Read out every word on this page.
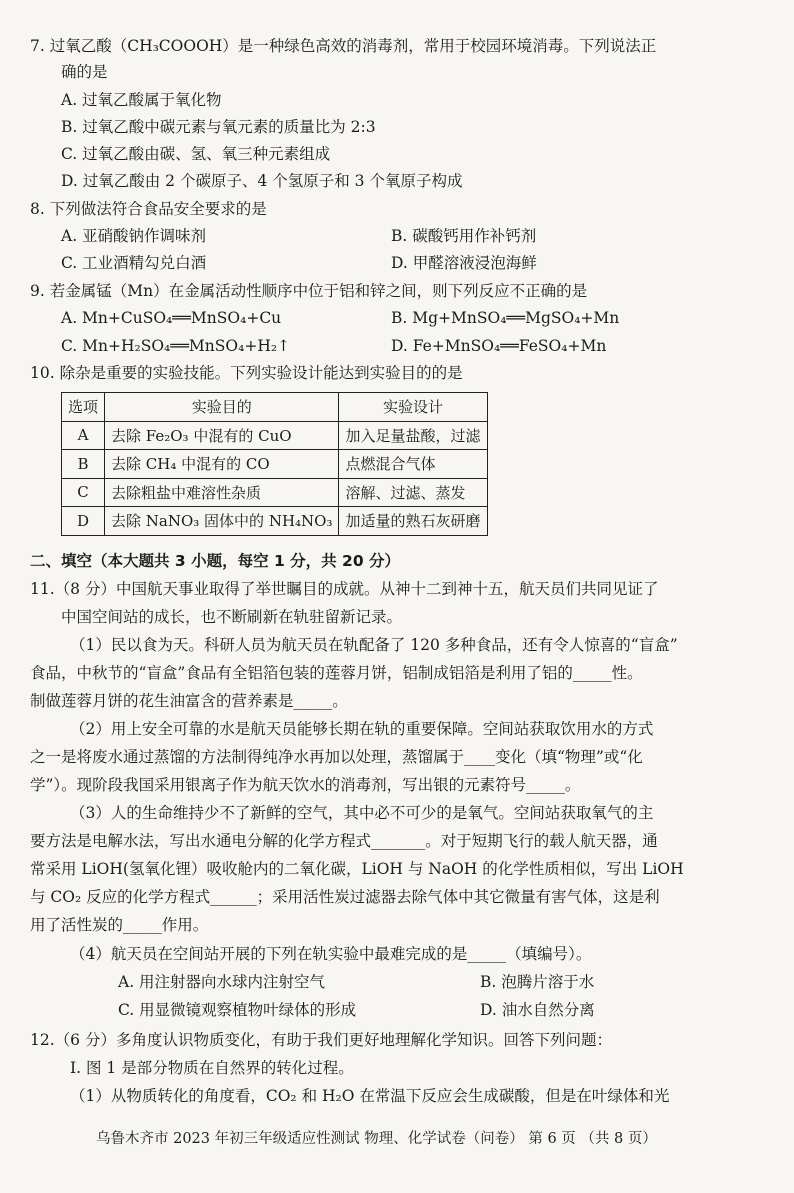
7. 过氧乙酸（CH₃COOOH）是一种绿色高效的消毒剂，常用于校园环境消毒。下列说法正
确的是
A. 过氧乙酸属于氧化物
B. 过氧乙酸中碳元素与氧元素的质量比为 2:3
C. 过氧乙酸由碳、氢、氧三种元素组成
D. 过氧乙酸由 2 个碳原子、4 个氢原子和 3 个氧原子构成
8. 下列做法符合食品安全要求的是
A. 亚硝酸钠作调味剂	B. 碳酸钙用作补钙剂
C. 工业酒精勾兑白酒	D. 甲醛溶液浸泡海鲜
9. 若金属锰（Mn）在金属活动性顺序中位于铝和锌之间，则下列反应不正确的是
A. Mn+CuSO₄══MnSO₄+Cu	B. Mg+MnSO₄══MgSO₄+Mn
C. Mn+H₂SO₄══MnSO₄+H₂↑	D. Fe+MnSO₄══FeSO₄+Mn
10. 除杂是重要的实验技能。下列实验设计能达到实验目的的是
选项	实验目的	实验设计
A	去除 Fe₂O₃ 中混有的 CuO	加入足量盐酸，过滤
B	去除 CH₄ 中混有的 CO	点燃混合气体
C	去除粗盐中难溶性杂质	溶解、过滤、蒸发
D	去除 NaNO₃ 固体中的 NH₄NO₃	加适量的熟石灰研磨
二、填空（本大题共 3 小题，每空 1 分，共 20 分）
11.（8 分）中国航天事业取得了举世瞩目的成就。从神十二到神十五，航天员们共同见证了
中国空间站的成长，也不断刷新在轨驻留新记录。
（1）民以食为天。科研人员为航天员在轨配备了 120 多种食品，还有令人惊喜的“盲盒”
食品，中秋节的“盲盒”食品有全铝箔包装的莲蓉月饼，铝制成铝箔是利用了铝的_____性。
制做莲蓉月饼的花生油富含的营养素是_____。
（2）用上安全可靠的水是航天员能够长期在轨的重要保障。空间站获取饮用水的方式
之一是将废水通过蒸馏的方法制得纯净水再加以处理，蒸馏属于____变化（填“物理”或“化
学”）。现阶段我国采用银离子作为航天饮水的消毒剂，写出银的元素符号_____。
（3）人的生命维持少不了新鲜的空气，其中必不可少的是氧气。空间站获取氧气的主
要方法是电解水法，写出水通电分解的化学方程式_______。对于短期飞行的载人航天器，通
常采用 LiOH(氢氧化锂）吸收舱内的二氧化碳，LiOH 与 NaOH 的化学性质相似，写出 LiOH
与 CO₂ 反应的化学方程式______；采用活性炭过滤器去除气体中其它微量有害气体，这是利
用了活性炭的_____作用。
（4）航天员在空间站开展的下列在轨实验中最难完成的是_____（填编号）。
A. 用注射器向水球内注射空气	B. 泡腾片溶于水
C. 用显微镜观察植物叶绿体的形成	D. 油水自然分离
12.（6 分）多角度认识物质变化，有助于我们更好地理解化学知识。回答下列问题：
I. 图 1 是部分物质在自然界的转化过程。
（1）从物质转化的角度看，CO₂ 和 H₂O 在常温下反应会生成碳酸，但是在叶绿体和光
乌鲁木齐市 2023 年初三年级适应性测试 物理、化学试卷（问卷） 第 6 页 （共 8 页）
